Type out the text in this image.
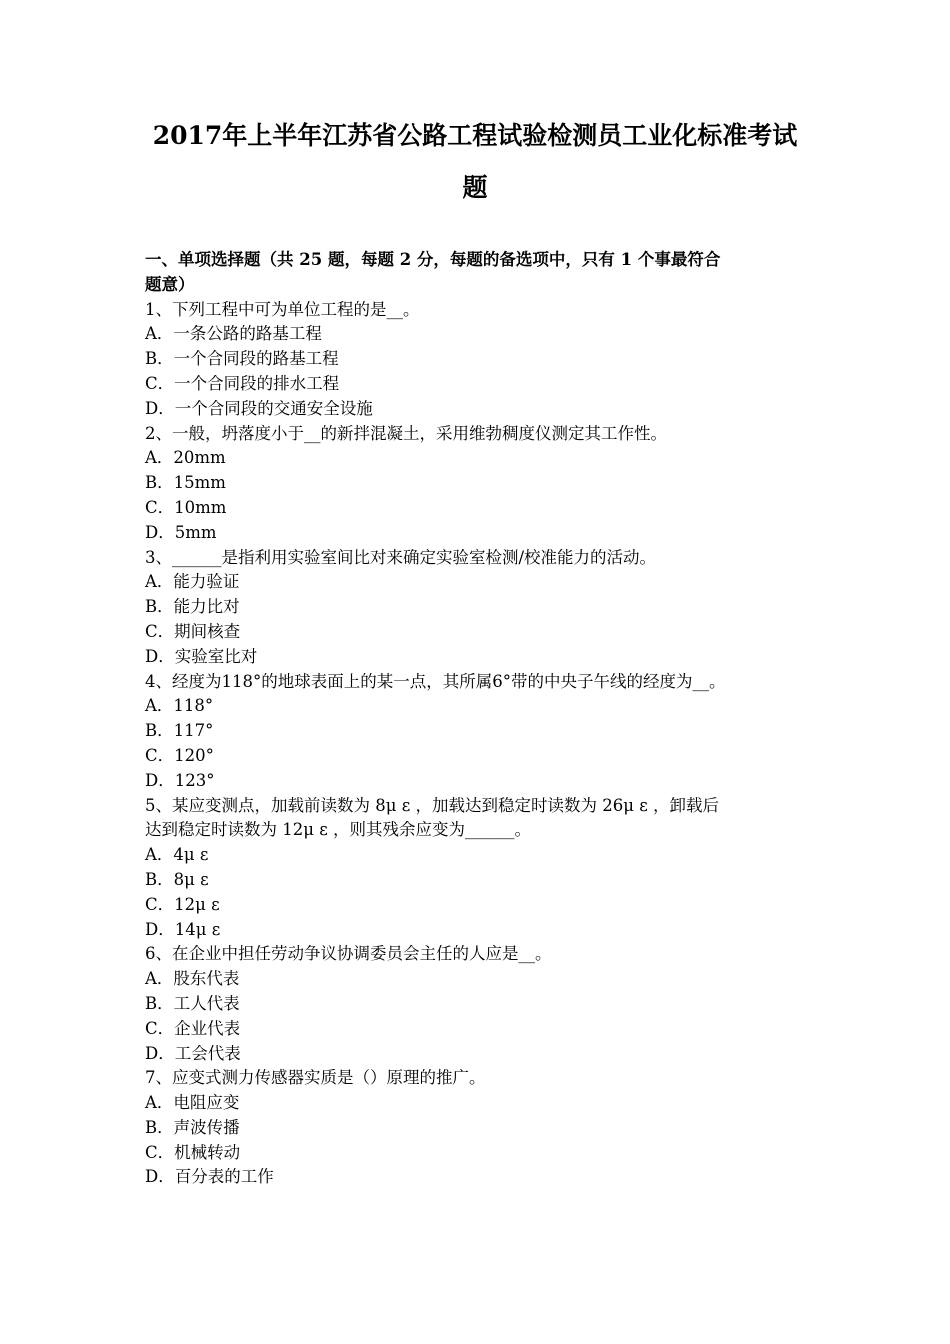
2017年上半年江苏省公路工程试验检测员工业化标准考试
题

一、单项选择题（共 25 题，每题 2 分，每题的备选项中，只有 1 个事最符合

题意）

1、下列工程中可为单位工程的是__。

A．一条公路的路基工程

B．一个合同段的路基工程

C．一个合同段的排水工程

D．一个合同段的交通安全设施

2、一般，坍落度小于__的新拌混凝土，采用维勃稠度仪测定其工作性。

A．20mm

B．15mm

C．10mm

D．5mm

3、______是指利用实验室间比对来确定实验室检测/校准能力的活动。

A．能力验证

B．能力比对

C．期间核查

D．实验室比对

4、经度为118°的地球表面上的某一点，其所属6°带的中央子午线的经度为__。

A．118°

B．117°

C．120°

D．123°

5、某应变测点，加载前读数为 8μ ε ，加载达到稳定时读数为 26μ ε ，卸载后

达到稳定时读数为 12μ ε ，则其残余应变为______。

A．4μ ε

B．8μ ε

C．12μ ε

D．14μ ε

6、在企业中担任劳动争议协调委员会主任的人应是__。

A．股东代表

B．工人代表

C．企业代表

D．工会代表

7、应变式测力传感器实质是（）原理的推广。

A．电阻应变

B．声波传播

C．机械转动

D．百分表的工作
